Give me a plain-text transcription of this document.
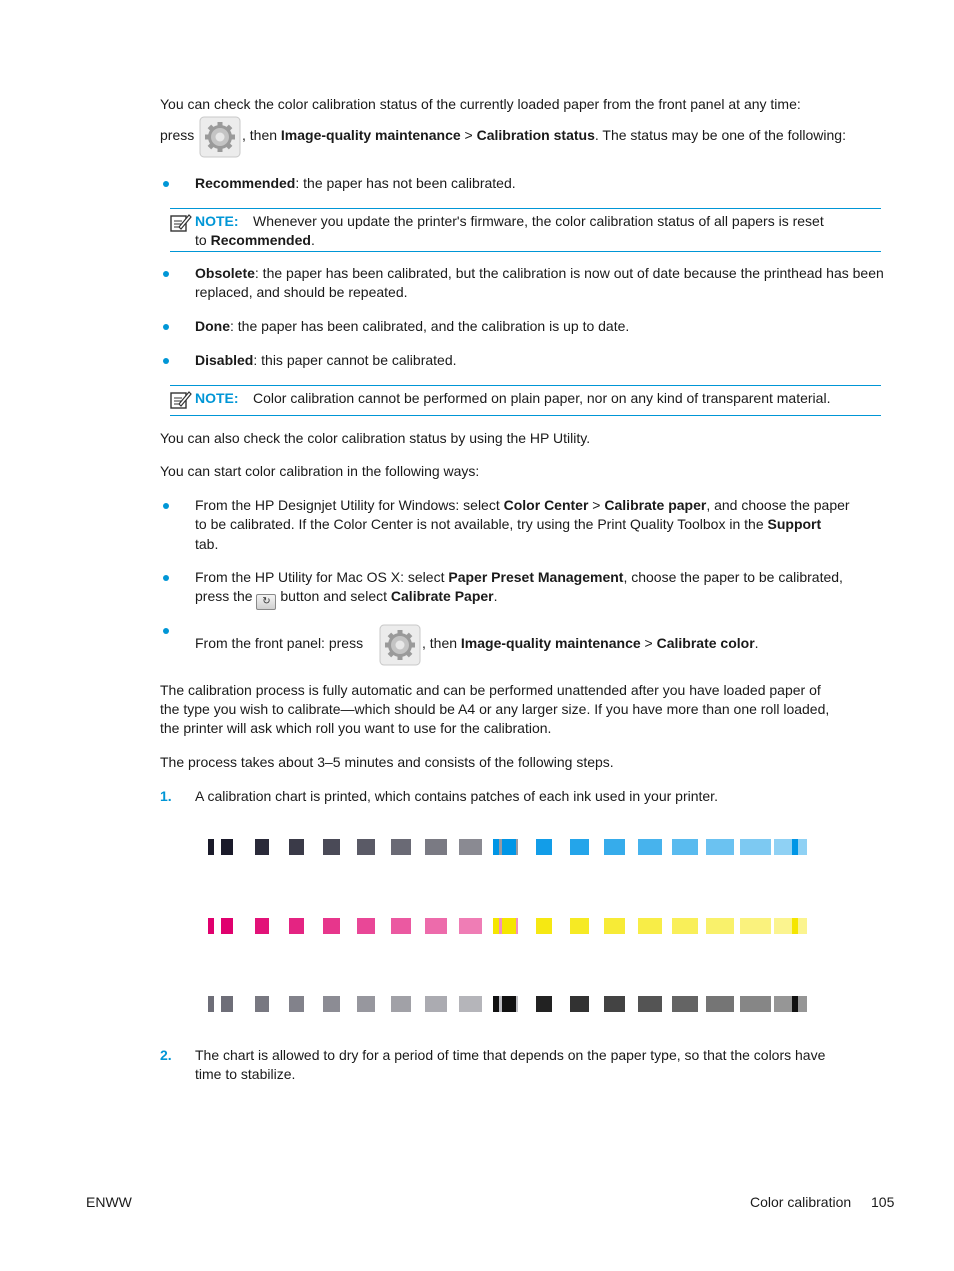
You can check the color calibration status of the currently loaded paper from the front panel at any time:
press	, then Image-quality maintenance > Calibration status. The status may be one of the following:
Recommended: the paper has not been calibrated.
NOTE: Whenever you update the printer's firmware, the color calibration status of all papers is reset
to Recommended.
Obsolete: the paper has been calibrated, but the calibration is now out of date because the printhead has been replaced, and should be repeated.
Done: the paper has been calibrated, and the calibration is up to date.
Disabled: this paper cannot be calibrated.
NOTE: Color calibration cannot be performed on plain paper, nor on any kind of transparent material.
You can also check the color calibration status by using the HP Utility.
You can start color calibration in the following ways:
From the HP Designjet Utility for Windows: select Color Center > Calibrate paper, and choose the paper
to be calibrated. If the Color Center is not available, try using the Print Quality Toolbox in the Support
tab.
From the HP Utility for Mac OS X: select Paper Preset Management, choose the paper to be calibrated,
press the ↻ button and select Calibrate Paper.
From the front panel: press	, then Image-quality maintenance > Calibrate color.
The calibration process is fully automatic and can be performed unattended after you have loaded paper of
the type you wish to calibrate—which should be A4 or any larger size. If you have more than one roll loaded,
the printer will ask which roll you want to use for the calibration.
The process takes about 3–5 minutes and consists of the following steps.
1. A calibration chart is printed, which contains patches of each ink used in your printer.
2. The chart is allowed to dry for a period of time that depends on the paper type, so that the colors have
time to stabilize.
ENWW	Color calibration 105
